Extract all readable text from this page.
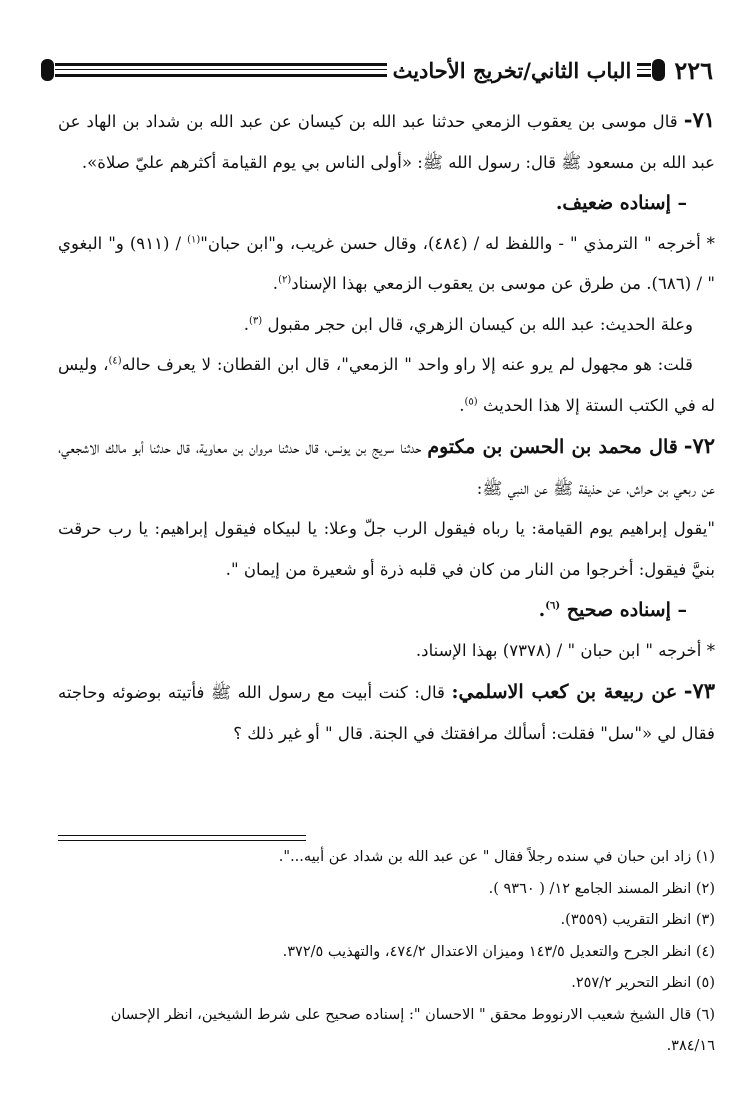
٢٢٦
الباب الثاني/تخريج الأحاديث

٧١- قال موسى بن يعقوب الزمعي حدثنا عبد الله بن كيسان عن عبد الله بن شداد بن الهاد عن عبد الله بن مسعود ﷺ قال: رسول الله ﷺ: «أولى الناس بي يوم القيامة أكثرهم عليّ صلاة».

– إسناده ضعيف.

* أخرجه " الترمذي " - واللفظ له / (٤٨٤)، وقال حسن غريب، و"ابن حبان"$^{(١)}$ / (٩١١) و" البغوي " / (٦٨٦). من طرق عن موسى بن يعقوب الزمعي بهذا الإسناد$^{(٢)}$.

وعلة الحديث: عبد الله بن كيسان الزهري، قال ابن حجر مقبول $^{(٣)}$.

قلت: هو مجهول لم يرو عنه إلا راو واحد " الزمعي"، قال ابن القطان: لا يعرف حاله$^{(٤)}$، وليس له في الكتب الستة إلا هذا الحديث $^{(٥)}$.

٧٢- قال محمد بن الحسن بن مكتوم حدثنا سريج بن يونس، قال حدثنا مروان بن معاوية، قال حدثنا أبو مالك الاشجعي، عن ربعي بن حراش، عن حذيفة ﷺ عن النبي ﷺ:

"يقول إبراهيم يوم القيامة: يا رباه فيقول الرب جلّ وعلا: يا لبيكاه فيقول إبراهيم: يا رب حرقت بنيَّ فيقول: أخرجوا من النار من كان في قلبه ذرة أو شعيرة من إيمان ".

– إسناده صحيح $^{(٦)}$.

* أخرجه " ابن حبان " / (٧٣٧٨) بهذا الإسناد.

٧٣- عن ربيعة بن كعب الاسلمي: قال: كنت أبيت مع رسول الله ﷺ فأتيته بوضوئه وحاجته فقال لي «"سل" فقلت: أسألك مرافقتك في الجنة. قال " أو غير ذلك ؟

(١) زاد ابن حبان في سنده رجلاً فقال " عن عبد الله بن شداد عن أبيه...".

(٢) انظر المسند الجامع ١٢/ ( ٩٣٦٠ ).

(٣) انظر التقريب (٣٥٥٩).

(٤) انظر الجرح والتعديل ١٤٣/٥ وميزان الاعتدال ٤٧٤/٢، والتهذيب ٣٧٢/٥.

(٥) انظر التحرير ٢٥٧/٢.

(٦) قال الشيخ شعيب الارنووط محقق " الاحسان ": إسناده صحيح على شرط الشيخين، انظر الإحسان ٣٨٤/١٦.
